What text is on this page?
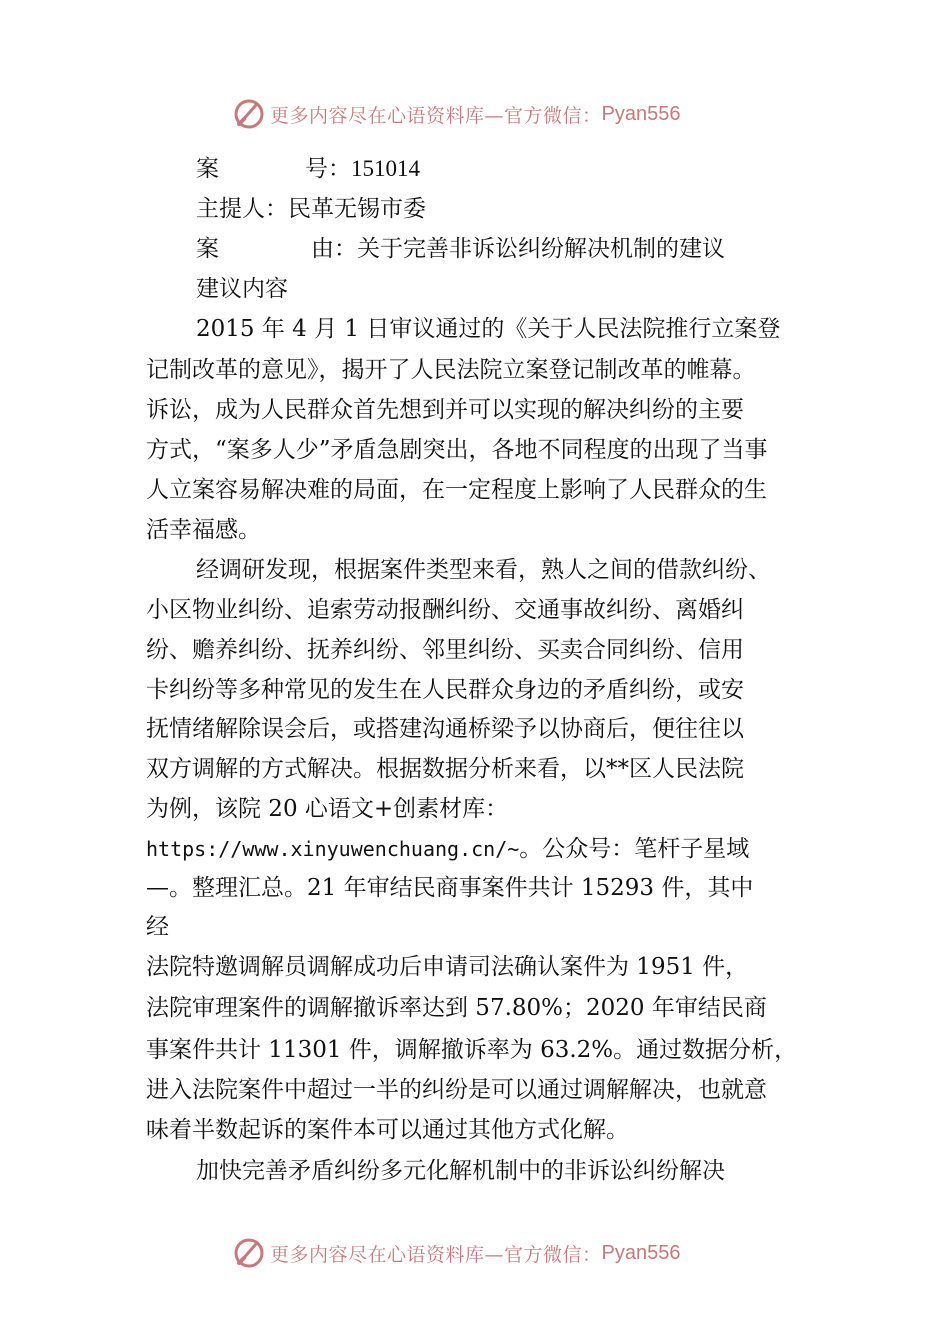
更多内容尽在心语资料库—官方微信： Pyan556
案	号：151014
主提人：民革无锡市委
案	由：关于完善非诉讼纠纷解决机制的建议
建议内容
2015 年 4 月 1 日审议通过的《关于人民法院推行立案登
记制改革的意见》，揭开了人民法院立案登记制改革的帷幕。
诉讼，成为人民群众首先想到并可以实现的解决纠纷的主要
方式，“案多人少”矛盾急剧突出，各地不同程度的出现了当事
人立案容易解决难的局面，在一定程度上影响了人民群众的生
活幸福感。
经调研发现，根据案件类型来看，熟人之间的借款纠纷、
小区物业纠纷、追索劳动报酬纠纷、交通事故纠纷、离婚纠
纷、赡养纠纷、抚养纠纷、邻里纠纷、买卖合同纠纷、信用
卡纠纷等多种常见的发生在人民群众身边的矛盾纠纷，或安
抚情绪解除误会后，或搭建沟通桥梁予以协商后，便往往以
双方调解的方式解决。根据数据分析来看，以**区人民法院
为例，该院 20 心语文+创素材库：
https://www.xinyuwenchuang.cn/~。公众号：笔杆子星域
—。整理汇总。21 年审结民商事案件共计 15293 件，其中
经
法院特邀调解员调解成功后申请司法确认案件为 1951 件，
法院审理案件的调解撤诉率达到 57.80%；2020 年审结民商
事案件共计 11301 件，调解撤诉率为 63.2%。通过数据分析，
进入法院案件中超过一半的纠纷是可以通过调解解决，也就意
味着半数起诉的案件本可以通过其他方式化解。
加快完善矛盾纠纷多元化解机制中的非诉讼纠纷解决
更多内容尽在心语资料库—官方微信： Pyan556
